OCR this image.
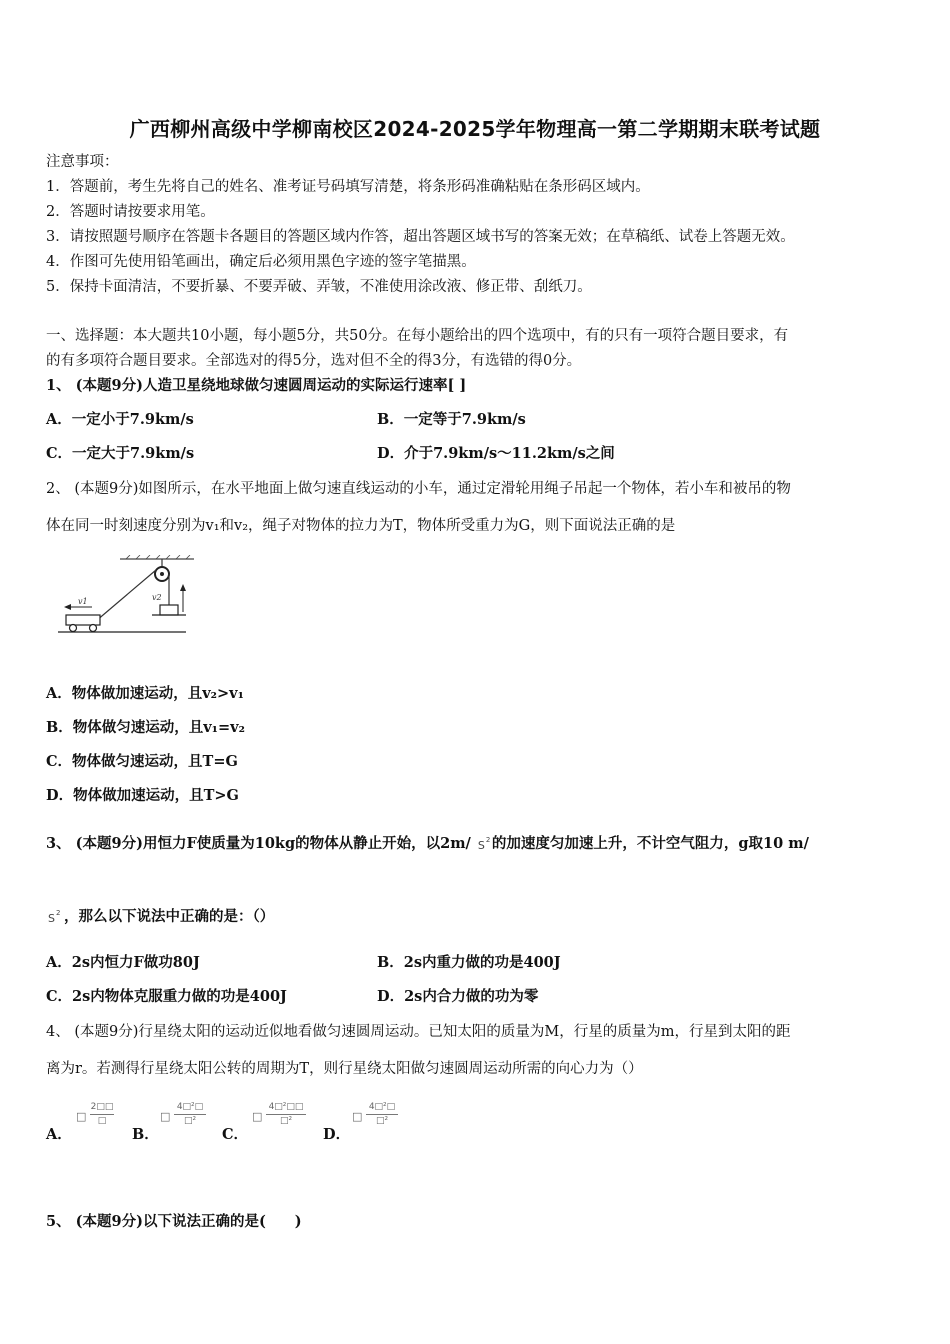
广西柳州高级中学柳南校区2024-2025学年物理高一第二学期期末联考试题
注意事项：
1．答题前，考生先将自己的姓名、准考证号码填写清楚，将条形码准确粘贴在条形码区域内。
2．答题时请按要求用笔。
3．请按照题号顺序在答题卡各题目的答题区域内作答，超出答题区域书写的答案无效；在草稿纸、试卷上答题无效。
4．作图可先使用铅笔画出，确定后必须用黑色字迹的签字笔描黑。
5．保持卡面清洁，不要折暴、不要弄破、弄皱，不准使用涂改液、修正带、刮纸刀。
一、选择题：本大题共10小题，每小题5分，共50分。在每小题给出的四个选项中，有的只有一项符合题目要求，有
的有多项符合题目要求。全部选对的得5分，选对但不全的得3分，有选错的得0分。
1、 (本题9分)人造卫星绕地球做匀速圆周运动的实际运行速率[ ]
A．一定小于7.9km/s	B．一定等于7.9km/s
C．一定大于7.9km/s	D．介于7.9km/s～11.2km/s之间
2、 (本题9分)如图所示，在水平地面上做匀速直线运动的小车，通过定滑轮用绳子吊起一个物体，若小车和被吊的物
体在同一时刻速度分别为v₁和v₂，绳子对物体的拉力为T，物体所受重力为G，则下面说法正确的是
v2
v1
A．物体做加速运动，且v₂>v₁
B．物体做匀速运动，且v₁=v₂
C．物体做匀速运动，且T=G
D．物体做加速运动，且T>G
3、 (本题9分)用恒力F使质量为10kg的物体从静止开始，以2m/ S 2 的加速度匀加速上升，不计空气阻力，g取10 m/
S 2 ，那么以下说法中正确的是：（）
A．2s内恒力F做功80J	B．2s内重力做的功是400J
C．2s内物体克服重力做的功是400J	D．2s内合力做的功为零
4、 (本题9分)行星绕太阳的运动近似地看做匀速圆周运动。已知太阳的质量为M，行星的质量为m，行星到太阳的距
离为r。若测得行星绕太阳公转的周期为T，则行星绕太阳做匀速圆周运动所需的向心力为（）
A．
□
2□□
□
B．
□
4□²□
□²
C．
□
4□²□□
□²
D．
□
4□²□
□²
5、 (本题9分)以下说法正确的是(　　)
